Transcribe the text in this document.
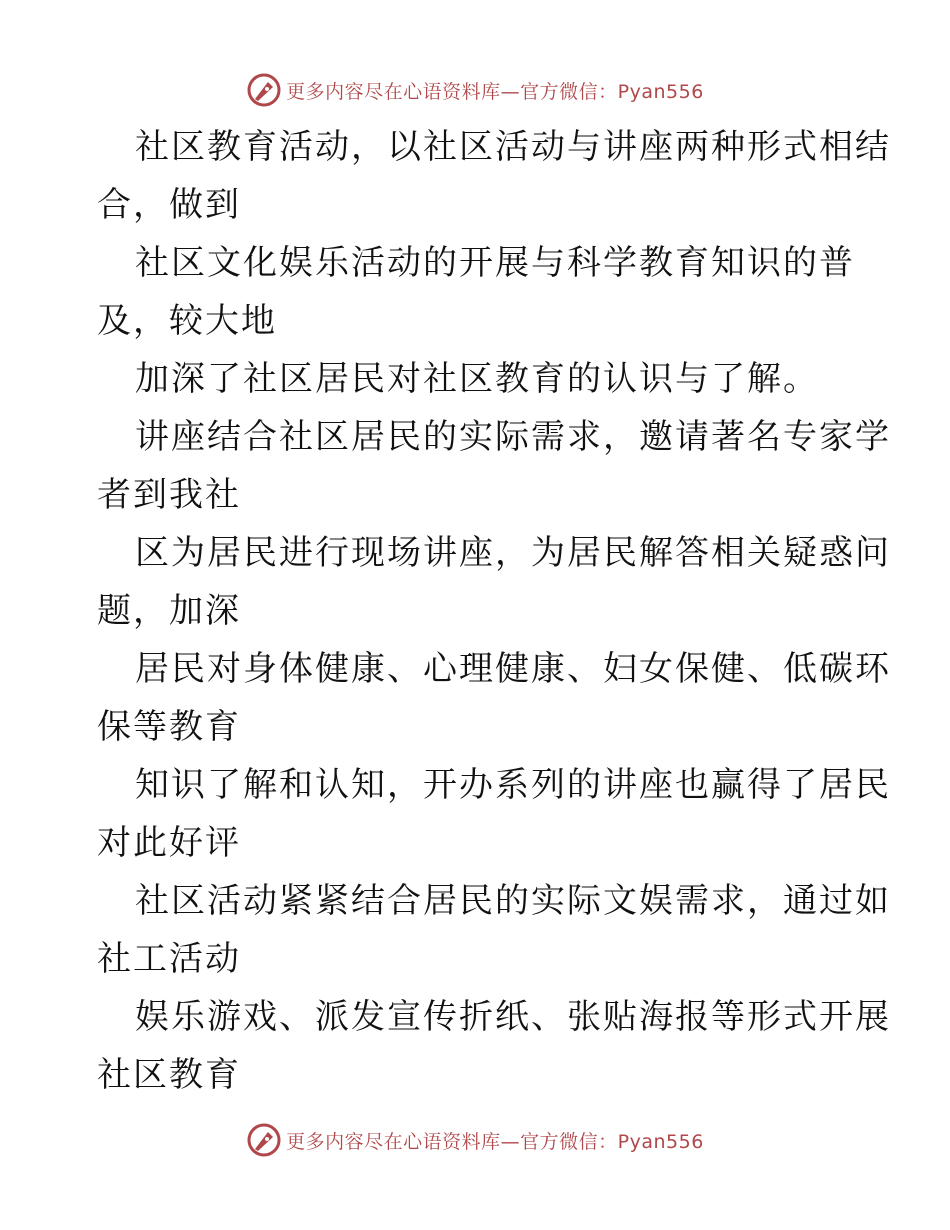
更多内容尽在心语资料库—官方微信：Pyan556
社区教育活动，以社区活动与讲座两种形式相结
合，做到
社区文化娱乐活动的开展与科学教育知识的普
及，较大地
加深了社区居民对社区教育的认识与了解。
讲座结合社区居民的实际需求，邀请著名专家学
者到我社
区为居民进行现场讲座，为居民解答相关疑惑问
题，加深
居民对身体健康、心理健康、妇女保健、低碳环
保等教育
知识了解和认知，开办系列的讲座也赢得了居民
对此好评
社区活动紧紧结合居民的实际文娱需求，通过如
社工活动
娱乐游戏、派发宣传折纸、张贴海报等形式开展
社区教育
更多内容尽在心语资料库—官方微信：Pyan556
